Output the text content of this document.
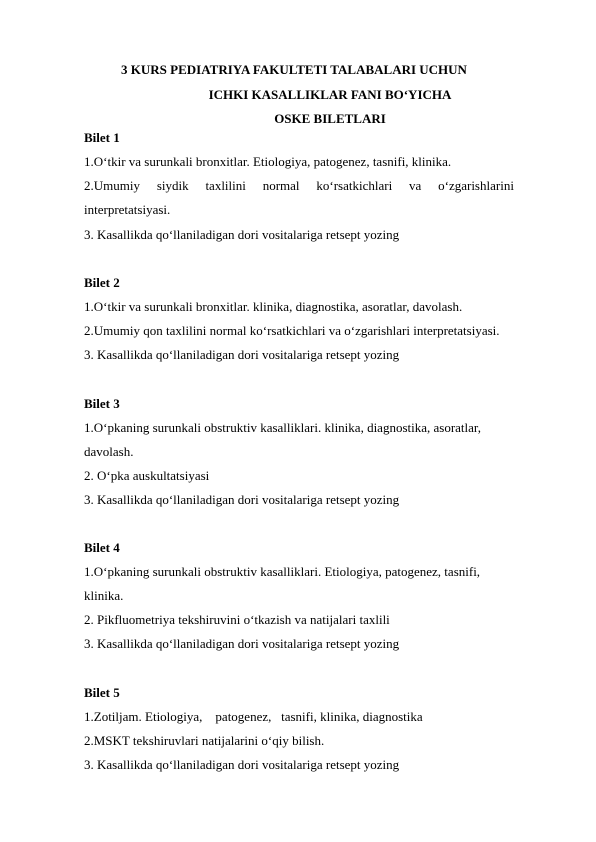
3 KURS PEDIATRIYA FAKULTETI TALABALARI UCHUN
ICHKI KASALLIKLAR FANI BO‘YICHA
OSKE BILETLARI
Bilet 1
1.O‘tkir va surunkali bronxitlar. Etiologiya, patogenez, tasnifi, klinika.
2.Umumiy siydik taxlilini normal ko‘rsatkichlari va o‘zgarishlarini
interpretatsiyasi.
3. Kasallikda qo‘llaniladigan dori vositalariga retsept yozing
Bilet 2
1.O‘tkir va surunkali bronxitlar. klinika, diagnostika, asoratlar, davolash.
2.Umumiy qon taxlilini normal ko‘rsatkichlari va o‘zgarishlari interpretatsiyasi.
3. Kasallikda qo‘llaniladigan dori vositalariga retsept yozing
Bilet 3
1.O‘pkaning surunkali obstruktiv kasalliklari. klinika, diagnostika, asoratlar,
davolash.
2. O‘pka auskultatsiyasi
3. Kasallikda qo‘llaniladigan dori vositalariga retsept yozing
Bilet 4
1.O‘pkaning surunkali obstruktiv kasalliklari. Etiologiya, patogenez, tasnifi,
klinika.
2. Pikfluometriya tekshiruvini o‘tkazish va natijalari taxlili
3. Kasallikda qo‘llaniladigan dori vositalariga retsept yozing
Bilet 5
1.Zotiljam. Etiologiya,    patogenez,   tasnifi, klinika, diagnostika
2.MSKT tekshiruvlari natijalarini o‘qiy bilish.
3. Kasallikda qo‘llaniladigan dori vositalariga retsept yozing
